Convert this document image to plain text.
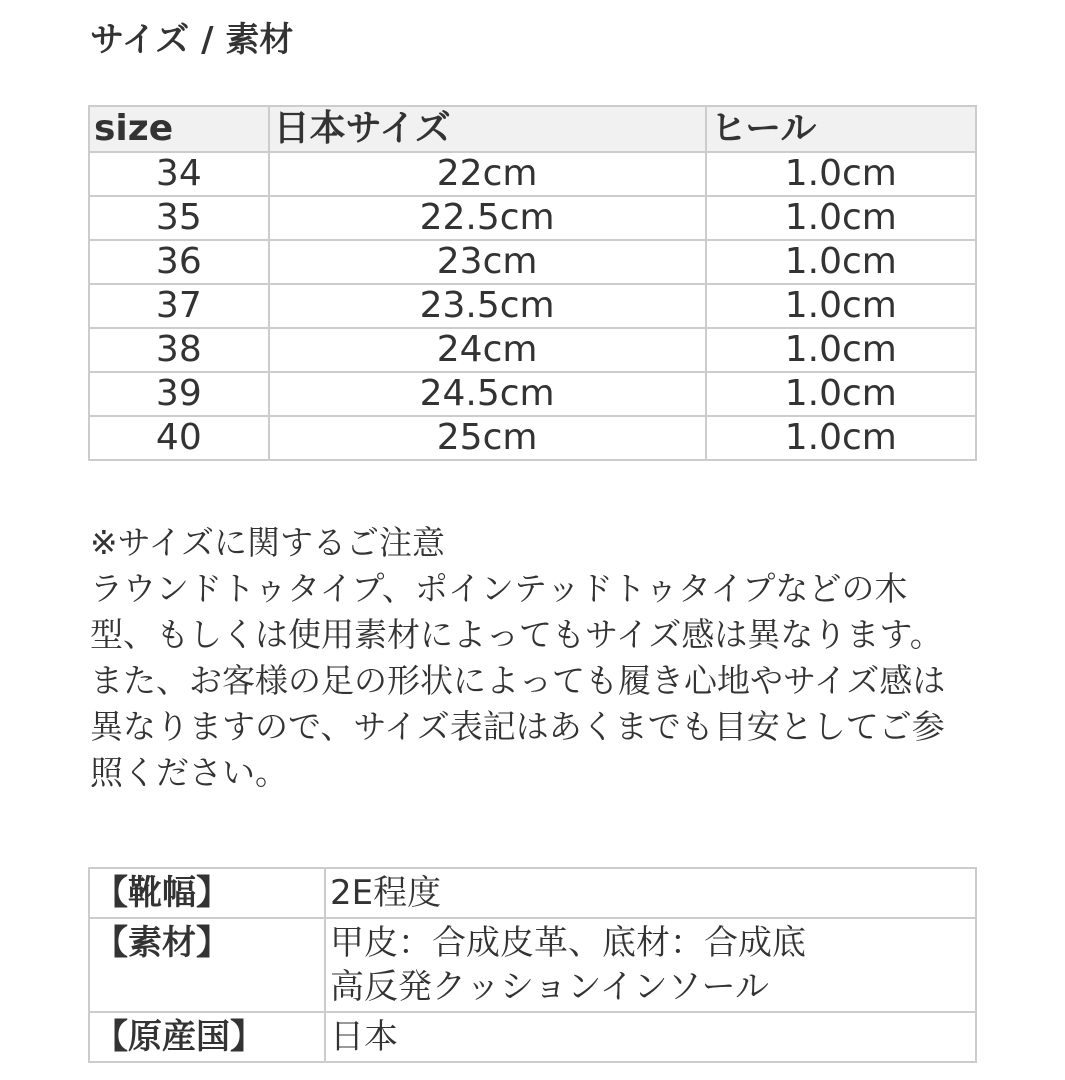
サイズ / 素材
size	日本サイズ	ヒール
34	22cm	1.0cm
35	22.5cm	1.0cm
36	23cm	1.0cm
37	23.5cm	1.0cm
38	24cm	1.0cm
39	24.5cm	1.0cm
40	25cm	1.0cm

※サイズに関するご注意

ラウンドトゥタイプ、ポインテッドトゥタイプなどの木型、もしくは使用素材によってもサイズ感は異なります。

また、お客様の足の形状によっても履き心地やサイズ感は異なりますので、サイズ表記はあくまでも目安としてご参照ください。

【靴幅】	2E程度

【素材】	甲皮：合成皮革、底材：合成底
高反発クッションインソール

【原産国】	日本
